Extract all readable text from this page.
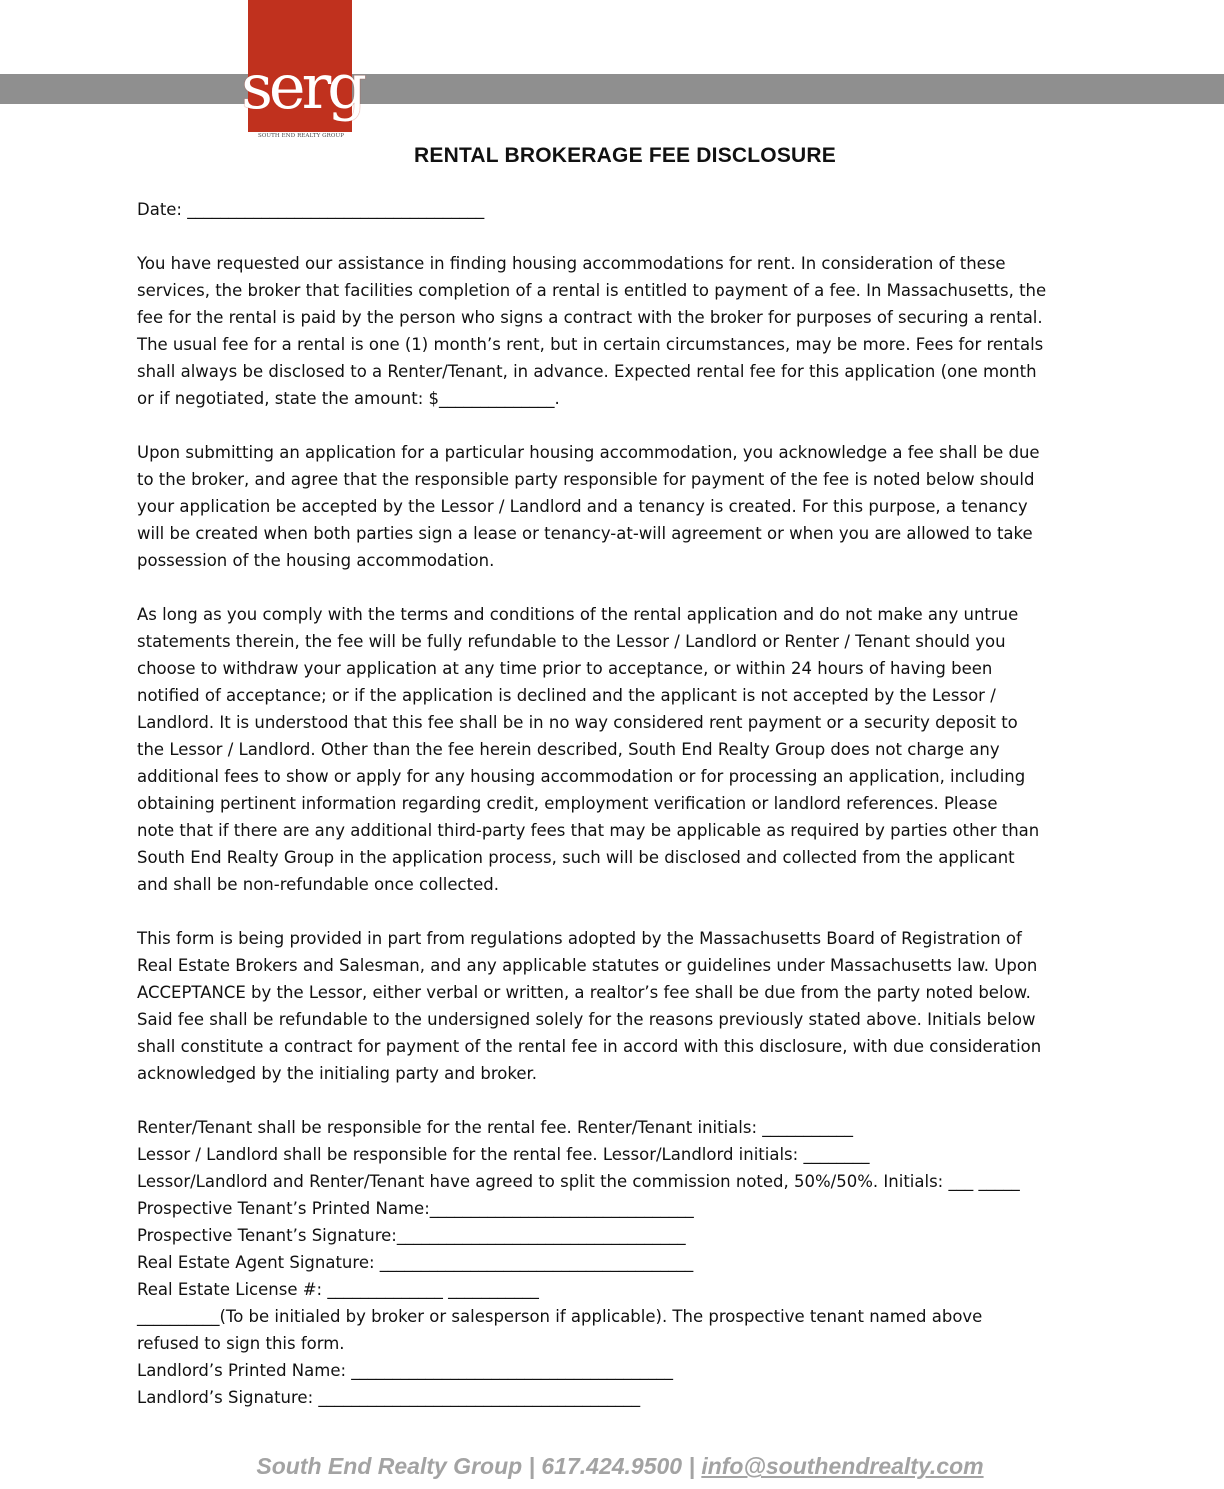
serg
SOUTH END REALTY GROUP
RENTAL BROKERAGE FEE DISCLOSURE

Date: ____________________________________

You have requested our assistance in finding housing accommodations for rent. In consideration of these

services, the broker that facilities completion of a rental is entitled to payment of a fee. In Massachusetts, the

fee for the rental is paid by the person who signs a contract with the broker for purposes of securing a rental.

The usual fee for a rental is one (1) month’s rent, but in certain circumstances, may be more. Fees for rentals

shall always be disclosed to a Renter/Tenant, in advance. Expected rental fee for this application (one month

or if negotiated, state the amount: $______________.

Upon submitting an application for a particular housing accommodation, you acknowledge a fee shall be due

to the broker, and agree that the responsible party responsible for payment of the fee is noted below should

your application be accepted by the Lessor / Landlord and a tenancy is created. For this purpose, a tenancy

will be created when both parties sign a lease or tenancy-at-will agreement or when you are allowed to take

possession of the housing accommodation.

As long as you comply with the terms and conditions of the rental application and do not make any untrue

statements therein, the fee will be fully refundable to the Lessor / Landlord or Renter / Tenant should you

choose to withdraw your application at any time prior to acceptance, or within 24 hours of having been

notified of acceptance; or if the application is declined and the applicant is not accepted by the Lessor /

Landlord. It is understood that this fee shall be in no way considered rent payment or a security deposit to

the Lessor / Landlord. Other than the fee herein described, South End Realty Group does not charge any

additional fees to show or apply for any housing accommodation or for processing an application, including

obtaining pertinent information regarding credit, employment verification or landlord references. Please

note that if there are any additional third-party fees that may be applicable as required by parties other than

South End Realty Group in the application process, such will be disclosed and collected from the applicant

and shall be non-refundable once collected.

This form is being provided in part from regulations adopted by the Massachusetts Board of Registration of

Real Estate Brokers and Salesman, and any applicable statutes or guidelines under Massachusetts law. Upon

ACCEPTANCE by the Lessor, either verbal or written, a realtor’s fee shall be due from the party noted below.

Said fee shall be refundable to the undersigned solely for the reasons previously stated above. Initials below

shall constitute a contract for payment of the rental fee in accord with this disclosure, with due consideration

acknowledged by the initialing party and broker.

Renter/Tenant shall be responsible for the rental fee. Renter/Tenant initials: ___________

Lessor / Landlord shall be responsible for the rental fee. Lessor/Landlord initials: ________

Lessor/Landlord and Renter/Tenant have agreed to split the commission noted, 50%/50%. Initials: ___ _____

Prospective Tenant’s Printed Name:________________________________

Prospective Tenant’s Signature:___________________________________

Real Estate Agent Signature: ______________________________________

Real Estate License #: ______________ ___________

__________(To be initialed by broker or salesperson if applicable). The prospective tenant named above

refused to sign this form.

Landlord’s Printed Name: _______________________________________

Landlord’s Signature: _______________________________________

South End Realty Group | 617.424.9500 | info@southendrealty.com
